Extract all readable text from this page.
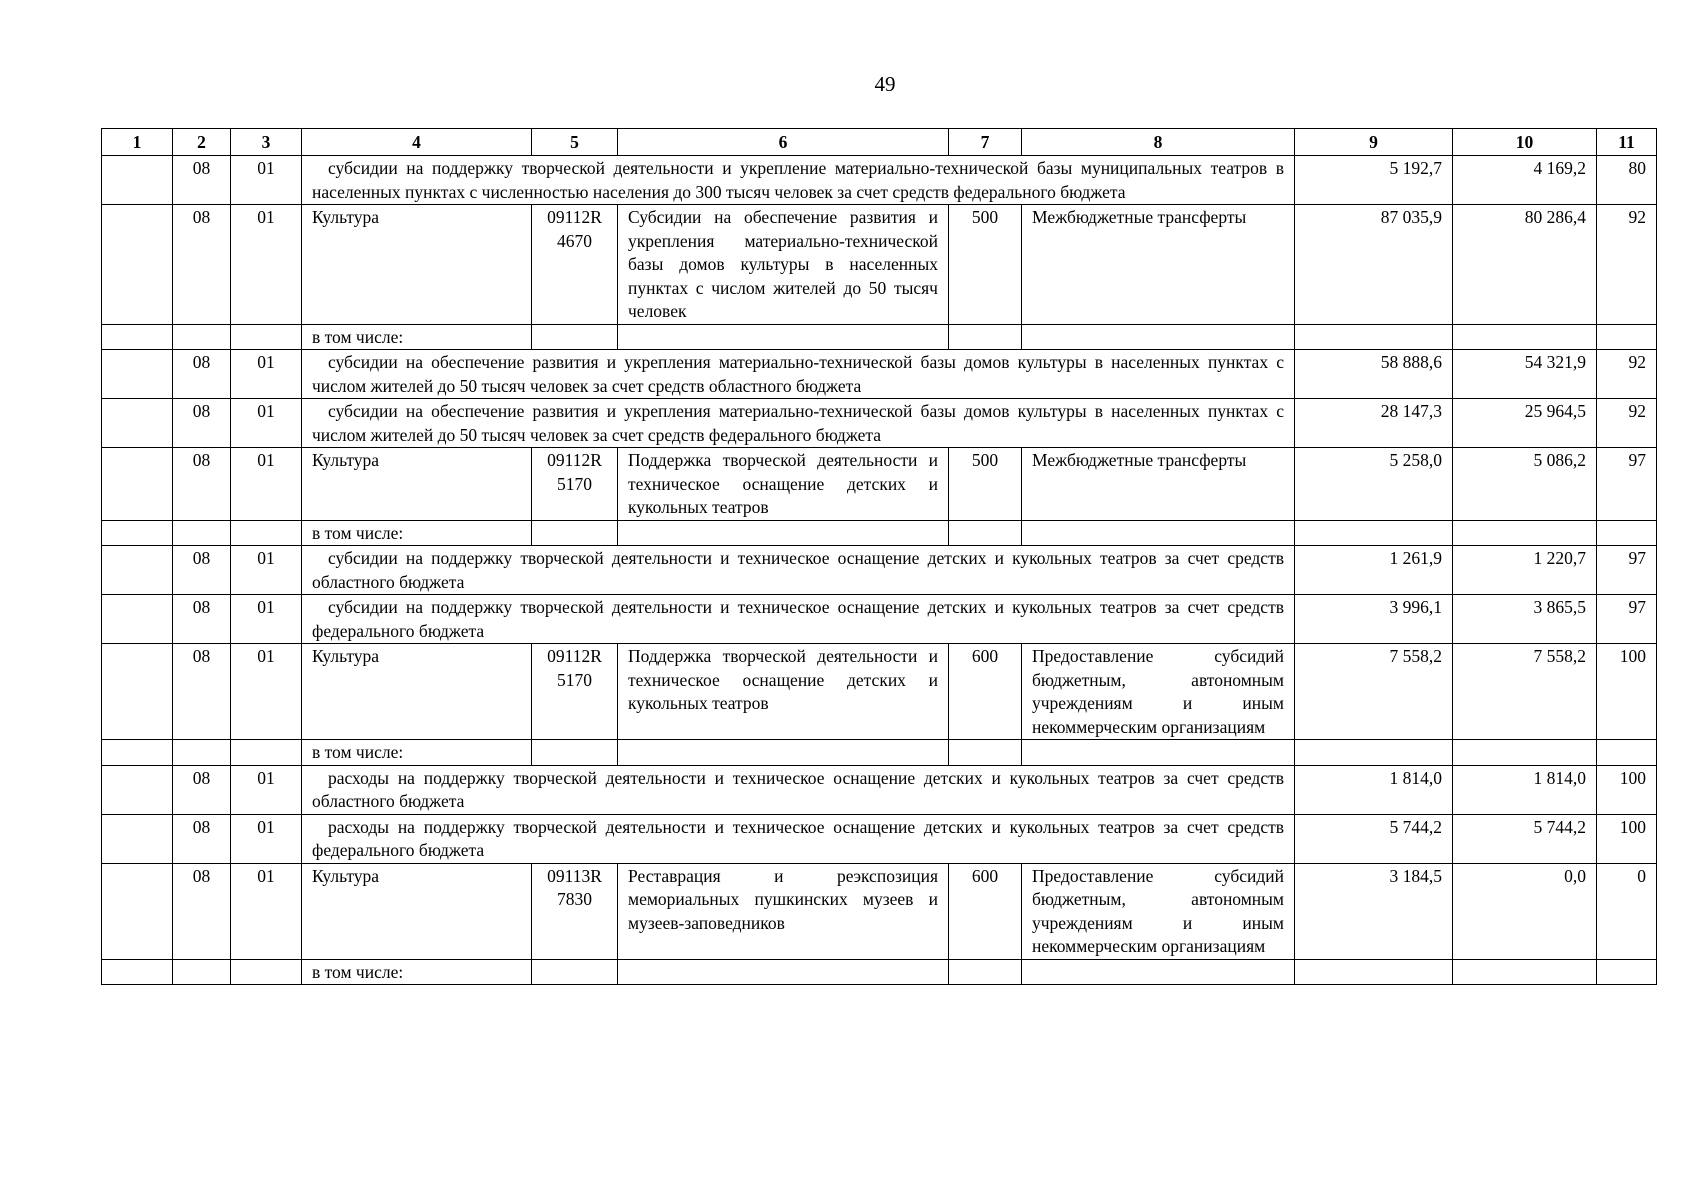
49
1	2	3	4	5	6	7	8	9	10	11
	08	01	субсидии на поддержку творческой деятельности и укрепление материально-технической базы муниципальных театров в населенных пунктах с численностью населения до 300 тысяч человек за счет средств федерального бюджета					5 192,7	4 169,2	80
	08	01	Культура	09112R 4670	Субсидии на обеспечение развития и укрепления материально-технической базы домов культуры в населенных пунктах с числом жителей до 50 тысяч человек	500	Межбюджетные трансферты	87 035,9	80 286,4	92
			в том числе:							
	08	01	субсидии на обеспечение развития и укрепления материально-технической базы домов культуры в населенных пунктах с числом жителей до 50 тысяч человек за счет средств областного бюджета					58 888,6	54 321,9	92
	08	01	субсидии на обеспечение развития и укрепления материально-технической базы домов культуры в населенных пунктах с числом жителей до 50 тысяч человек за счет средств федерального бюджета					28 147,3	25 964,5	92
	08	01	Культура	09112R 5170	Поддержка творческой деятельности и техническое оснащение детских и кукольных театров	500	Межбюджетные трансферты	5 258,0	5 086,2	97
			в том числе:							
	08	01	субсидии на поддержку творческой деятельности и техническое оснащение детских и кукольных театров за счет средств областного бюджета					1 261,9	1 220,7	97
	08	01	субсидии на поддержку творческой деятельности и техническое оснащение детских и кукольных театров за счет средств федерального бюджета					3 996,1	3 865,5	97
	08	01	Культура	09112R 5170	Поддержка творческой деятельности и техническое оснащение детских и кукольных театров	600	Предоставление субсидий бюджетным, автономным учреждениям и иным некоммерческим организациям	7 558,2	7 558,2	100
			в том числе:							
	08	01	расходы на поддержку творческой деятельности и техническое оснащение детских и кукольных театров за счет средств областного бюджета					1 814,0	1 814,0	100
	08	01	расходы на поддержку творческой деятельности и техническое оснащение детских и кукольных театров за счет средств федерального бюджета					5 744,2	5 744,2	100
	08	01	Культура	09113R 7830	Реставрация и реэкспозиция мемориальных пушкинских музеев и музеев-заповедников	600	Предоставление субсидий бюджетным, автономным учреждениям и иным некоммерческим организациям	3 184,5	0,0	0
			в том числе:							
